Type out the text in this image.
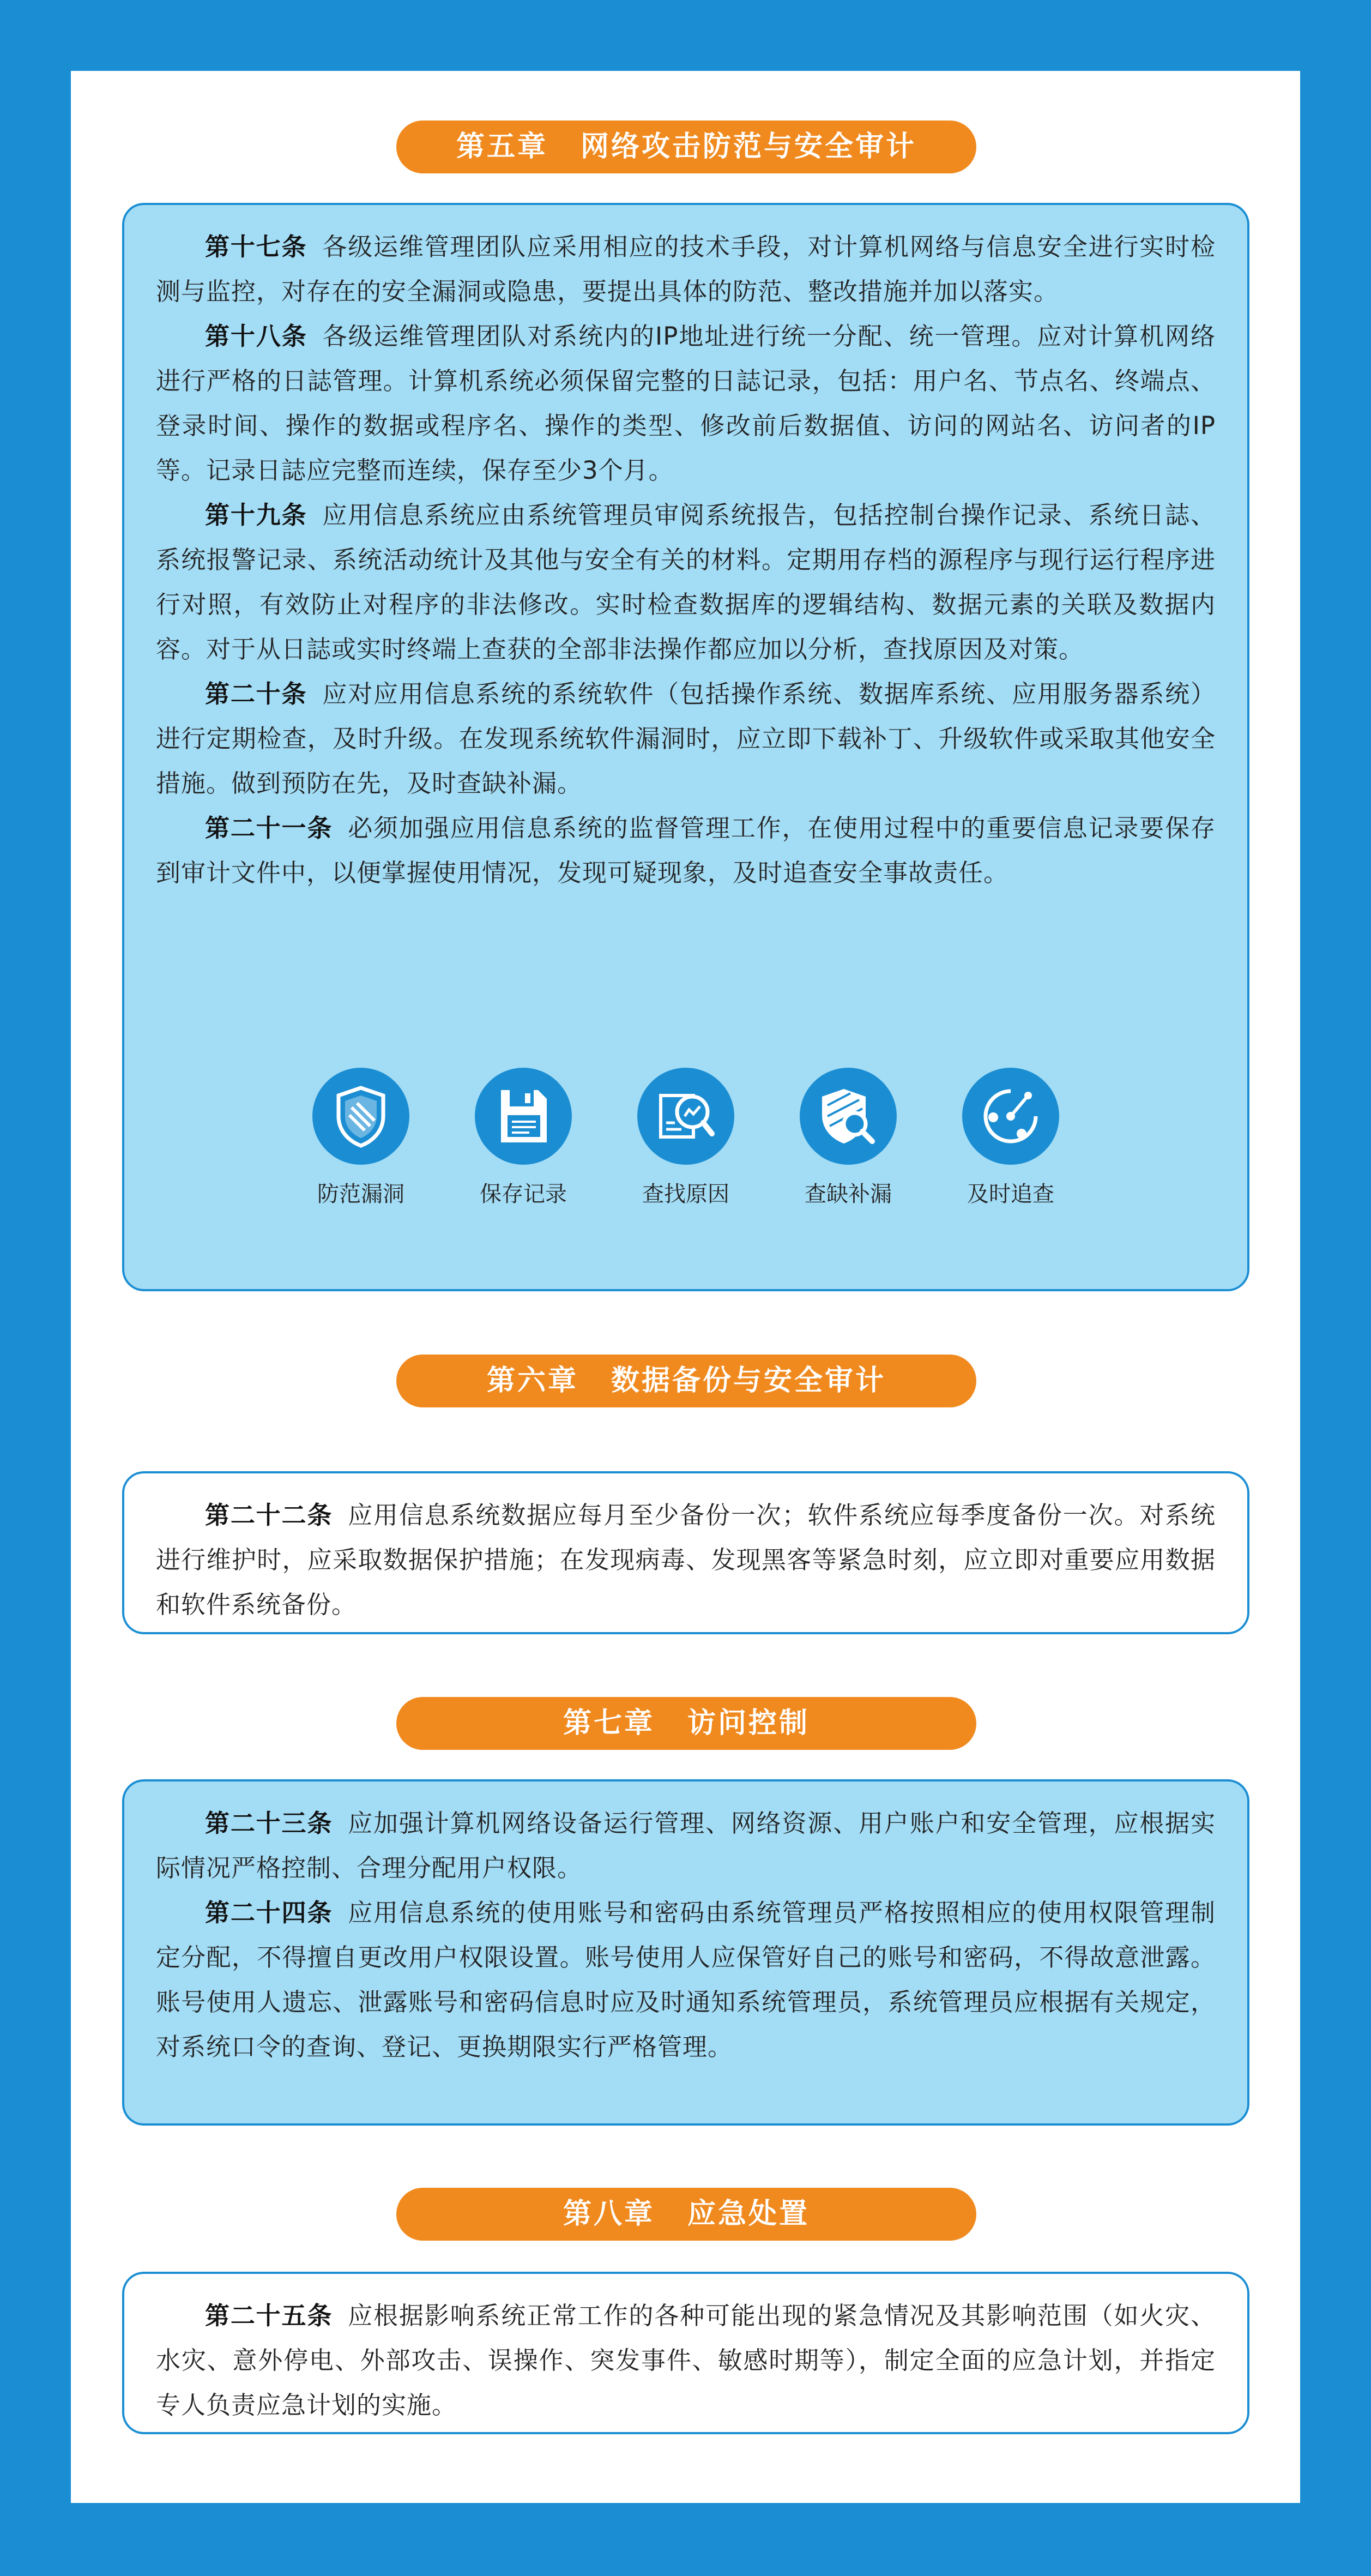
第五章 网络攻击防范与安全审计

第十七条 各级运维管理团队应采用相应的技术手段，对计算机网络与信息安全进行实时检测与监控，对存在的安全漏洞或隐患，要提出具体的防范、整改措施并加以落实。

第十八条 各级运维管理团队对系统内的IP地址进行统一分配、统一管理。应对计算机网络进行严格的日誌管理。计算机系统必须保留完整的日誌记录，包括：用户名、节点名、终端点、登录时间、操作的数据或程序名、操作的类型、修改前后数据值、访问的网站名、访问者的IP等。记录日誌应完整而连续，保存至少3个月。

第十九条 应用信息系统应由系统管理员审阅系统报告，包括控制台操作记录、系统日誌、系统报警记录、系统活动统计及其他与安全有关的材料。定期用存档的源程序与现行运行程序进行对照，有效防止对程序的非法修改。实时检查数据库的逻辑结构、数据元素的关联及数据内容。对于从日誌或实时终端上查获的全部非法操作都应加以分析，查找原因及对策。

第二十条 应对应用信息系统的系统软件（包括操作系统、数据库系统、应用服务器系统）进行定期检查，及时升级。在发现系统软件漏洞时，应立即下载补丁、升级软件或采取其他安全措施。做到预防在先，及时查缺补漏。

第二十一条 必须加强应用信息系统的监督管理工作，在使用过程中的重要信息记录要保存到审计文件中，以便掌握使用情况，发现可疑现象，及时追查安全事故责任。

防范漏洞	保存记录	查找原因	查缺补漏	及时追查
第六章 数据备份与安全审计

第二十二条 应用信息系统数据应每月至少备份一次；软件系统应每季度备份一次。对系统进行维护时，应采取数据保护措施；在发现病毒、发现黑客等紧急时刻，应立即对重要应用数据和软件系统备份。

第七章 访问控制

第二十三条 应加强计算机网络设备运行管理、网络资源、用户账户和安全管理，应根据实际情况严格控制、合理分配用户权限。

第二十四条 应用信息系统的使用账号和密码由系统管理员严格按照相应的使用权限管理制定分配，不得擅自更改用户权限设置。账号使用人应保管好自己的账号和密码，不得故意泄露。账号使用人遗忘、泄露账号和密码信息时应及时通知系统管理员，系统管理员应根据有关规定，对系统口令的查询、登记、更换期限实行严格管理。

第八章 应急处置

第二十五条 应根据影响系统正常工作的各种可能出现的紧急情况及其影响范围（如火灾、水灾、意外停电、外部攻击、误操作、突发事件、敏感时期等），制定全面的应急计划，并指定专人负责应急计划的实施。
